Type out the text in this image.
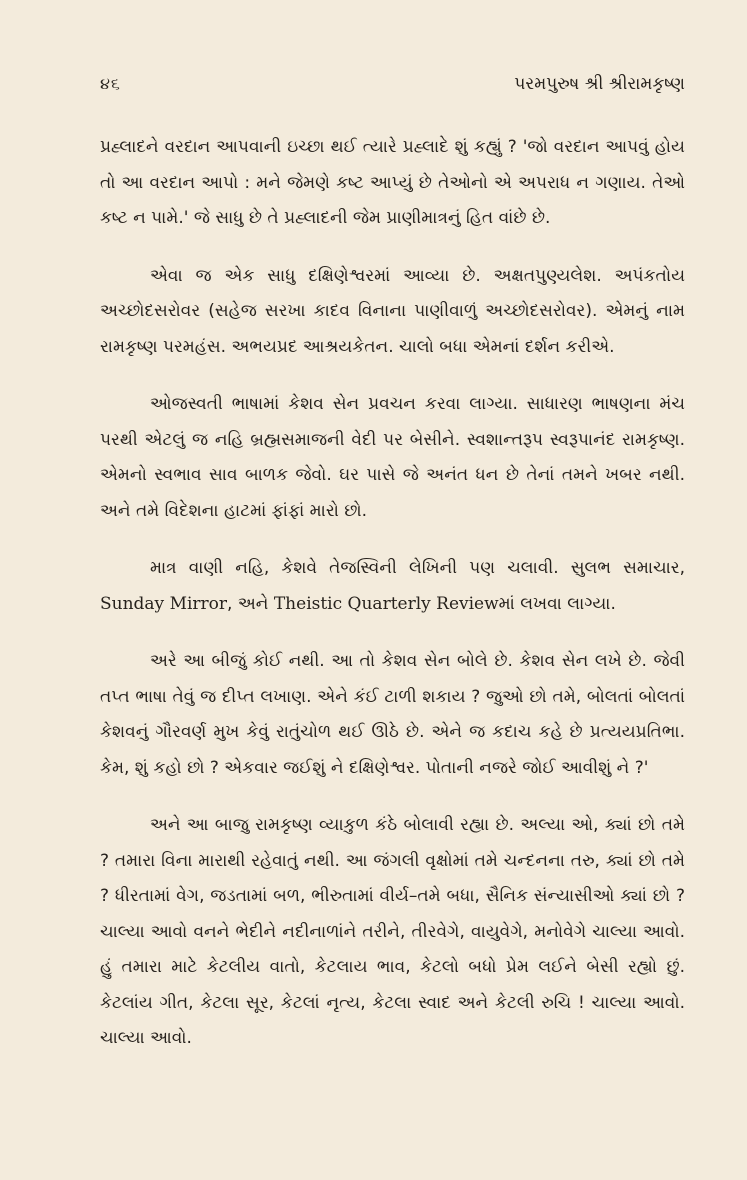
૪૬	પરમપુરુષ શ્રી શ્રીરામકૃષ્ણ

પ્રહ્લાદને વરદાન આપવાની ઇચ્છા થઈ ત્યારે પ્રહ્લાદે શું કહ્યું ? 'જો વરદાન આપવું હોય તો આ વરદાન આપો : મને જેમણે કષ્ટ આપ્યું છે તેઓનો એ અપરાધ ન ગણાય. તેઓ કષ્ટ ન પામે.' જે સાધુ છે તે પ્રહ્લાદની જેમ પ્રાણીમાત્રનું હિત વાંછે છે.

એવા જ એક સાધુ દક્ષિણેશ્વરમાં આવ્યા છે. અક્ષતપુણ્યલેશ. અપંકતોય અચ્છોદસરોવર (સહેજ સરખા કાદવ વિનાના પાણીવાળું અચ્છોદસરોવર). એમનું નામ રામકૃષ્ણ પરમહંસ. અભયપ્રદ આશ્રયકેતન. ચાલો બધા એમનાં દર્શન કરીએ.

ઓજસ્વતી ભાષામાં કેશવ સેન પ્રવચન કરવા લાગ્યા. સાધારણ ભાષણના મંચ પરથી એટલું જ નહિ બ્રહ્મસમાજની વેદી પર બેસીને. સ્વશાન્તરૂપ સ્વરૂપાનંદ રામકૃષ્ણ. એમનો સ્વભાવ સાવ બાળક જેવો. ઘર પાસે જે અનંત ધન છે તેનાં તમને ખબર નથી. અને તમે વિદેશના હાટમાં ફાંફાં મારો છો.

માત્ર વાણી નહિ, કેશવે તેજસ્વિની લેખિની પણ ચલાવી. સુલભ સમાચાર, Sunday Mirror, અને Theistic Quarterly Reviewમાં લખવા લાગ્યા.

અરે આ બીજું કોઈ નથી. આ તો કેશવ સેન બોલે છે. કેશવ સેન લખે છે. જેવી તપ્ત ભાષા તેવું જ દીપ્ત લખાણ. એને કંઈ ટાળી શકાય ? જુઓ છો તમે, બોલતાં બોલતાં કેશવનું ગૌરવર્ણ મુખ કેવું રાતુંચોળ થઈ ઊઠે છે. એને જ કદાચ કહે છે પ્રત્યયપ્રતિભા. કેમ, શું કહો છો ? એકવાર જઈશું ને દક્ષિણેશ્વર. પોતાની નજરે જોઈ આવીશું ને ?'

અને આ બાજુ રામકૃષ્ણ વ્યાકુળ કંઠે બોલાવી રહ્યા છે. અલ્યા ઓ, ક્યાં છો તમે ? તમારા વિના મારાથી રહેવાતું નથી. આ જંગલી વૃક્ષોમાં તમે ચન્દનના તરુ, ક્યાં છો તમે ? ધીરતામાં વેગ, જડતામાં બળ, ભીરુતામાં વીર્ય–તમે બધા, સૈનિક સંન્યાસીઓ ક્યાં છો ? ચાલ્યા આવો વનને ભેદીને નદીનાળાંને તરીને, તીરવેગે, વાયુવેગે, મનોવેગે ચાલ્યા આવો. હું તમારા માટે કેટલીય વાતો, કેટલાય ભાવ, કેટલો બધો પ્રેમ લઈને બેસી રહ્યો છું. કેટલાંય ગીત, કેટલા સૂર, કેટલાં નૃત્ય, કેટલા સ્વાદ અને કેટલી રુચિ ! ચાલ્યા આવો. ચાલ્યા આવો.
